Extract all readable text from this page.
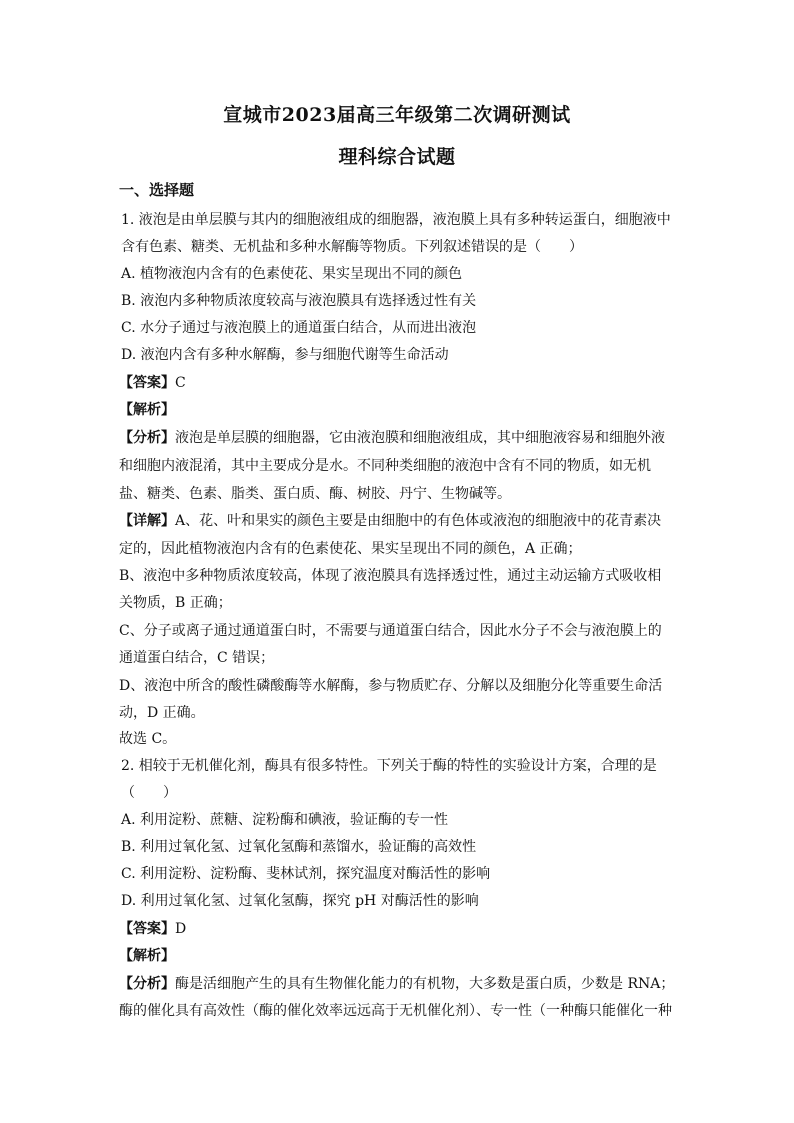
宣城市2023届高三年级第二次调研测试
理科综合试题
一、选择题
1. 液泡是由单层膜与其内的细胞液组成的细胞器，液泡膜上具有多种转运蛋白，细胞液中
含有色素、糖类、无机盐和多种水解酶等物质。下列叙述错误的是（　　）
A. 植物液泡内含有的色素使花、果实呈现出不同的颜色
B. 液泡内多种物质浓度较高与液泡膜具有选择透过性有关
C. 水分子通过与液泡膜上的通道蛋白结合，从而进出液泡
D. 液泡内含有多种水解酶，参与细胞代谢等生命活动
【答案】C
【解析】
【分析】液泡是单层膜的细胞器，它由液泡膜和细胞液组成，其中细胞液容易和细胞外液
和细胞内液混淆，其中主要成分是水。不同种类细胞的液泡中含有不同的物质，如无机
盐、糖类、色素、脂类、蛋白质、酶、树胶、丹宁、生物碱等。
【详解】A、花、叶和果实的颜色主要是由细胞中的有色体或液泡的细胞液中的花青素决
定的，因此植物液泡内含有的色素使花、果实呈现出不同的颜色，A 正确；
B、液泡中多种物质浓度较高，体现了液泡膜具有选择透过性，通过主动运输方式吸收相
关物质，B 正确；
C、分子或离子通过通道蛋白时，不需要与通道蛋白结合，因此水分子不会与液泡膜上的
通道蛋白结合，C 错误；
D、液泡中所含的酸性磷酸酶等水解酶，参与物质贮存、分解以及细胞分化等重要生命活
动，D 正确。
故选 C。
2. 相较于无机催化剂，酶具有很多特性。下列关于酶的特性的实验设计方案，合理的是
（　　）
A. 利用淀粉、蔗糖、淀粉酶和碘液，验证酶的专一性
B. 利用过氧化氢、过氧化氢酶和蒸馏水，验证酶的高效性
C. 利用淀粉、淀粉酶、斐林试剂，探究温度对酶活性的影响
D. 利用过氧化氢、过氧化氢酶，探究 pH 对酶活性的影响
【答案】D
【解析】
【分析】酶是活细胞产生的具有生物催化能力的有机物，大多数是蛋白质，少数是 RNA；
酶的催化具有高效性（酶的催化效率远远高于无机催化剂）、专一性（一种酶只能催化一种
